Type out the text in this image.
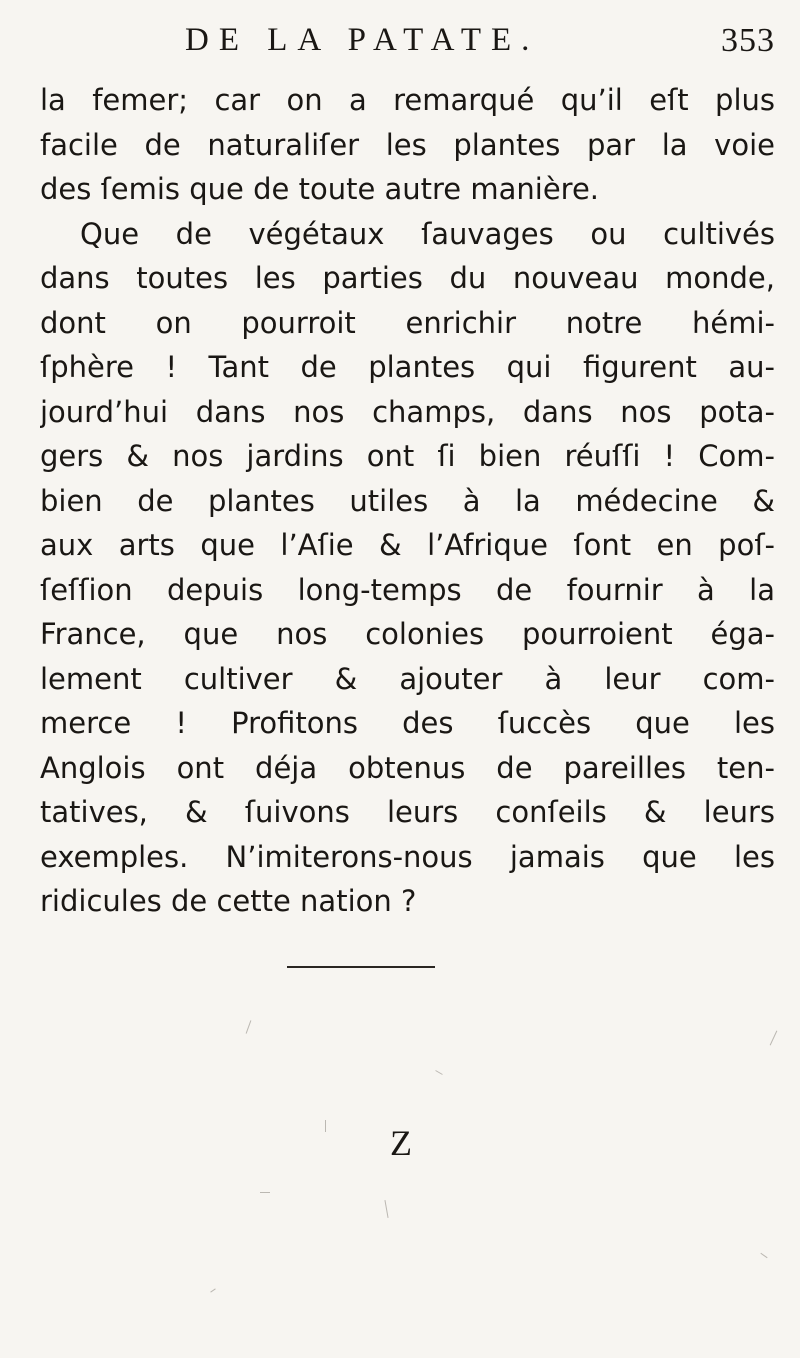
DE LA PATATE.	353
la femer; car on a remarqué qu’il eſt plus
facile de naturaliſer les plantes par la voie
des ſemis que de toute autre manière.
Que de végétaux ſauvages ou cultivés
dans toutes les parties du nouveau monde,
dont on pourroit enrichir notre hémi-
ſphère ! Tant de plantes qui figurent au-
jourd’hui dans nos champs, dans nos pota-
gers & nos jardins ont ſi bien réuſſi ! Com-
bien de plantes utiles à la médecine &
aux arts que l’Aſie & l’Afrique ſont en poſ-
ſeſſion depuis long-temps de fournir à la
France, que nos colonies pourroient éga-
lement cultiver & ajouter à leur com-
merce ! Profitons des ſuccès que les
Anglois ont déja obtenus de pareilles ten-
tatives, & ſuivons leurs conſeils & leurs
exemples. N’imiterons-nous jamais que les
ridicules de cette nation ?
Z
